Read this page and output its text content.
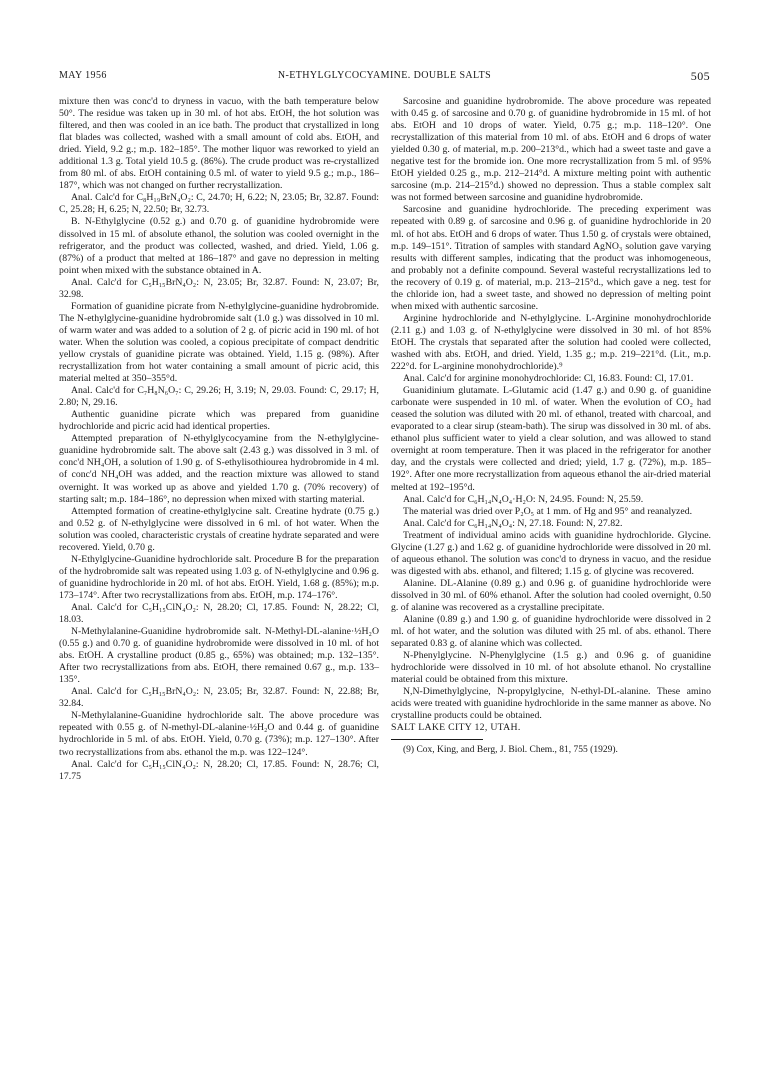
MAY 1956	N-ETHYLGLYCOCYAMINE. DOUBLE SALTS	505

mixture then was conc'd to dryness in vacuo, with the bath temperature below 50°. The residue was taken up in 30 ml. of hot abs. EtOH, the hot solution was filtered, and then was cooled in an ice bath. The product that crystallized in long flat blades was collected, washed with a small amount of cold abs. EtOH, and dried. Yield, 9.2 g.; m.p. 182–185°. The mother liquor was reworked to yield an additional 1.3 g. Total yield 10.5 g. (86%). The crude product was re-crystallized from 80 ml. of abs. EtOH containing 0.5 ml. of water to yield 9.5 g.; m.p., 186–187°, which was not changed on further recrystallization.

Anal. Calc'd for C₈H₁₉BrN₄O₂: C, 24.70; H, 6.22; N, 23.05; Br, 32.87. Found: C, 25.28; H, 6.25; N, 22.50; Br, 32.73.

B. N-Ethylglycine (0.52 g.) and 0.70 g. of guanidine hydrobromide were dissolved in 15 ml. of absolute ethanol, the solution was cooled overnight in the refrigerator, and the product was collected, washed, and dried. Yield, 1.06 g. (87%) of a product that melted at 186–187° and gave no depression in melting point when mixed with the substance obtained in A.

Anal. Calc'd for C₅H₁₅BrN₄O₂: N, 23.05; Br, 32.87. Found: N, 23.07; Br, 32.98.

Formation of guanidine picrate from N-ethylglycine-guanidine hydrobromide. The N-ethylglycine-guanidine hydrobromide salt (1.0 g.) was dissolved in 10 ml. of warm water and was added to a solution of 2 g. of picric acid in 190 ml. of hot water. When the solution was cooled, a copious precipitate of compact dendritic yellow crystals of guanidine picrate was obtained. Yield, 1.15 g. (98%). After recrystallization from hot water containing a small amount of picric acid, this material melted at 350–355°d.

Anal. Calc'd for C₇H₈N₆O₇: C, 29.26; H, 3.19; N, 29.03. Found: C, 29.17; H, 2.80; N, 29.16.

Authentic guanidine picrate which was prepared from guanidine hydrochloride and picric acid had identical properties.

Attempted preparation of N-ethylglycocyamine from the N-ethylglycine-guanidine hydrobromide salt. The above salt (2.43 g.) was dissolved in 3 ml. of conc'd NH₄OH, a solution of 1.90 g. of S-ethylisothiourea hydrobromide in 4 ml. of conc'd NH₄OH was added, and the reaction mixture was allowed to stand overnight. It was worked up as above and yielded 1.70 g. (70% recovery) of starting salt; m.p. 184–186°, no depression when mixed with starting material.

Attempted formation of creatine-ethylglycine salt. Creatine hydrate (0.75 g.) and 0.52 g. of N-ethylglycine were dissolved in 6 ml. of hot water. When the solution was cooled, characteristic crystals of creatine hydrate separated and were recovered. Yield, 0.70 g.

N-Ethylglycine-Guanidine hydrochloride salt. Procedure B for the preparation of the hydrobromide salt was repeated using 1.03 g. of N-ethylglycine and 0.96 g. of guanidine hydrochloride in 20 ml. of hot abs. EtOH. Yield, 1.68 g. (85%); m.p. 173–174°. After two recrystallizations from abs. EtOH, m.p. 174–176°.

Anal. Calc'd for C₅H₁₅ClN₄O₂: N, 28.20; Cl, 17.85. Found: N, 28.22; Cl, 18.03.

N-Methylalanine-Guanidine hydrobromide salt. N-Methyl-DL-alanine·½H₂O (0.55 g.) and 0.70 g. of guanidine hydrobromide were dissolved in 10 ml. of hot abs. EtOH. A crystalline product (0.85 g., 65%) was obtained; m.p. 132–135°. After two recrystallizations from abs. EtOH, there remained 0.67 g., m.p. 133–135°.

Anal. Calc'd for C₅H₁₅BrN₄O₂: N, 23.05; Br, 32.87. Found: N, 22.88; Br, 32.84.

N-Methylalanine-Guanidine hydrochloride salt. The above procedure was repeated with 0.55 g. of N-methyl-DL-alanine·½H₂O and 0.44 g. of guanidine hydrochloride in 5 ml. of abs. EtOH. Yield, 0.70 g. (73%); m.p. 127–130°. After two recrystallizations from abs. ethanol the m.p. was 122–124°.

Anal. Calc'd for C₅H₁₅ClN₄O₂: N, 28.20; Cl, 17.85. Found: N, 28.76; Cl, 17.75

Sarcosine and guanidine hydrobromide. The above procedure was repeated with 0.45 g. of sarcosine and 0.70 g. of guanidine hydrobromide in 15 ml. of hot abs. EtOH and 10 drops of water. Yield, 0.75 g.; m.p. 118–120°. One recrystallization of this material from 10 ml. of abs. EtOH and 6 drops of water yielded 0.30 g. of material, m.p. 200–213°d., which had a sweet taste and gave a negative test for the bromide ion. One more recrystallization from 5 ml. of 95% EtOH yielded 0.25 g., m.p. 212–214°d. A mixture melting point with authentic sarcosine (m.p. 214–215°d.) showed no depression. Thus a stable complex salt was not formed between sarcosine and guanidine hydrobromide.

Sarcosine and guanidine hydrochloride. The preceding experiment was repeated with 0.89 g. of sarcosine and 0.96 g. of guanidine hydrochloride in 20 ml. of hot abs. EtOH and 6 drops of water. Thus 1.50 g. of crystals were obtained, m.p. 149–151°. Titration of samples with standard AgNO₃ solution gave varying results with different samples, indicating that the product was inhomogeneous, and probably not a definite compound. Several wasteful recrystallizations led to the recovery of 0.19 g. of material, m.p. 213–215°d., which gave a neg. test for the chloride ion, had a sweet taste, and showed no depression of melting point when mixed with authentic sarcosine.

Arginine hydrochloride and N-ethylglycine. L-Arginine monohydrochloride (2.11 g.) and 1.03 g. of N-ethylglycine were dissolved in 30 ml. of hot 85% EtOH. The crystals that separated after the solution had cooled were collected, washed with abs. EtOH, and dried. Yield, 1.35 g.; m.p. 219–221°d. (Lit., m.p. 222°d. for L-arginine monohydrochloride).⁹

Anal. Calc'd for arginine monohydrochloride: Cl, 16.83. Found: Cl, 17.01.

Guanidinium glutamate. L-Glutamic acid (1.47 g.) and 0.90 g. of guanidine carbonate were suspended in 10 ml. of water. When the evolution of CO₂ had ceased the solution was diluted with 20 ml. of ethanol, treated with charcoal, and evaporated to a clear sirup (steam-bath). The sirup was dissolved in 30 ml. of abs. ethanol plus sufficient water to yield a clear solution, and was allowed to stand overnight at room temperature. Then it was placed in the refrigerator for another day, and the crystals were collected and dried; yield, 1.7 g. (72%), m.p. 185–192°. After one more recrystallization from aqueous ethanol the air-dried material melted at 192–195°d.

Anal. Calc'd for C₆H₁₄N₄O₄·H₂O: N, 24.95. Found: N, 25.59.

The material was dried over P₂O₅ at 1 mm. of Hg and 95° and reanalyzed.

Anal. Calc'd for C₆H₁₄N₄O₄: N, 27.18. Found: N, 27.82.

Treatment of individual amino acids with guanidine hydrochloride. Glycine. Glycine (1.27 g.) and 1.62 g. of guanidine hydrochloride were dissolved in 20 ml. of aqueous ethanol. The solution was conc'd to dryness in vacuo, and the residue was digested with abs. ethanol, and filtered; 1.15 g. of glycine was recovered.

Alanine. DL-Alanine (0.89 g.) and 0.96 g. of guanidine hydrochloride were dissolved in 30 ml. of 60% ethanol. After the solution had cooled overnight, 0.50 g. of alanine was recovered as a crystalline precipitate.

Alanine (0.89 g.) and 1.90 g. of guanidine hydrochloride were dissolved in 2 ml. of hot water, and the solution was diluted with 25 ml. of abs. ethanol. There separated 0.83 g. of alanine which was collected.

N-Phenylglycine. N-Phenylglycine (1.5 g.) and 0.96 g. of guanidine hydrochloride were dissolved in 10 ml. of hot absolute ethanol. No crystalline material could be obtained from this mixture.

N,N-Dimethylglycine, N-propylglycine, N-ethyl-DL-alanine. These amino acids were treated with guanidine hydrochloride in the same manner as above. No crystalline products could be obtained.

SALT LAKE CITY 12, UTAH.

(9) Cox, King, and Berg, J. Biol. Chem., 81, 755 (1929).
